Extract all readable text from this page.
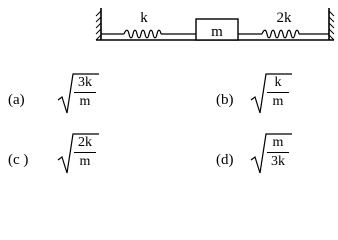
k
m
2k
(a)
3k
m	(b)
k
m
(c )
2k
m	(d)
m
3k
